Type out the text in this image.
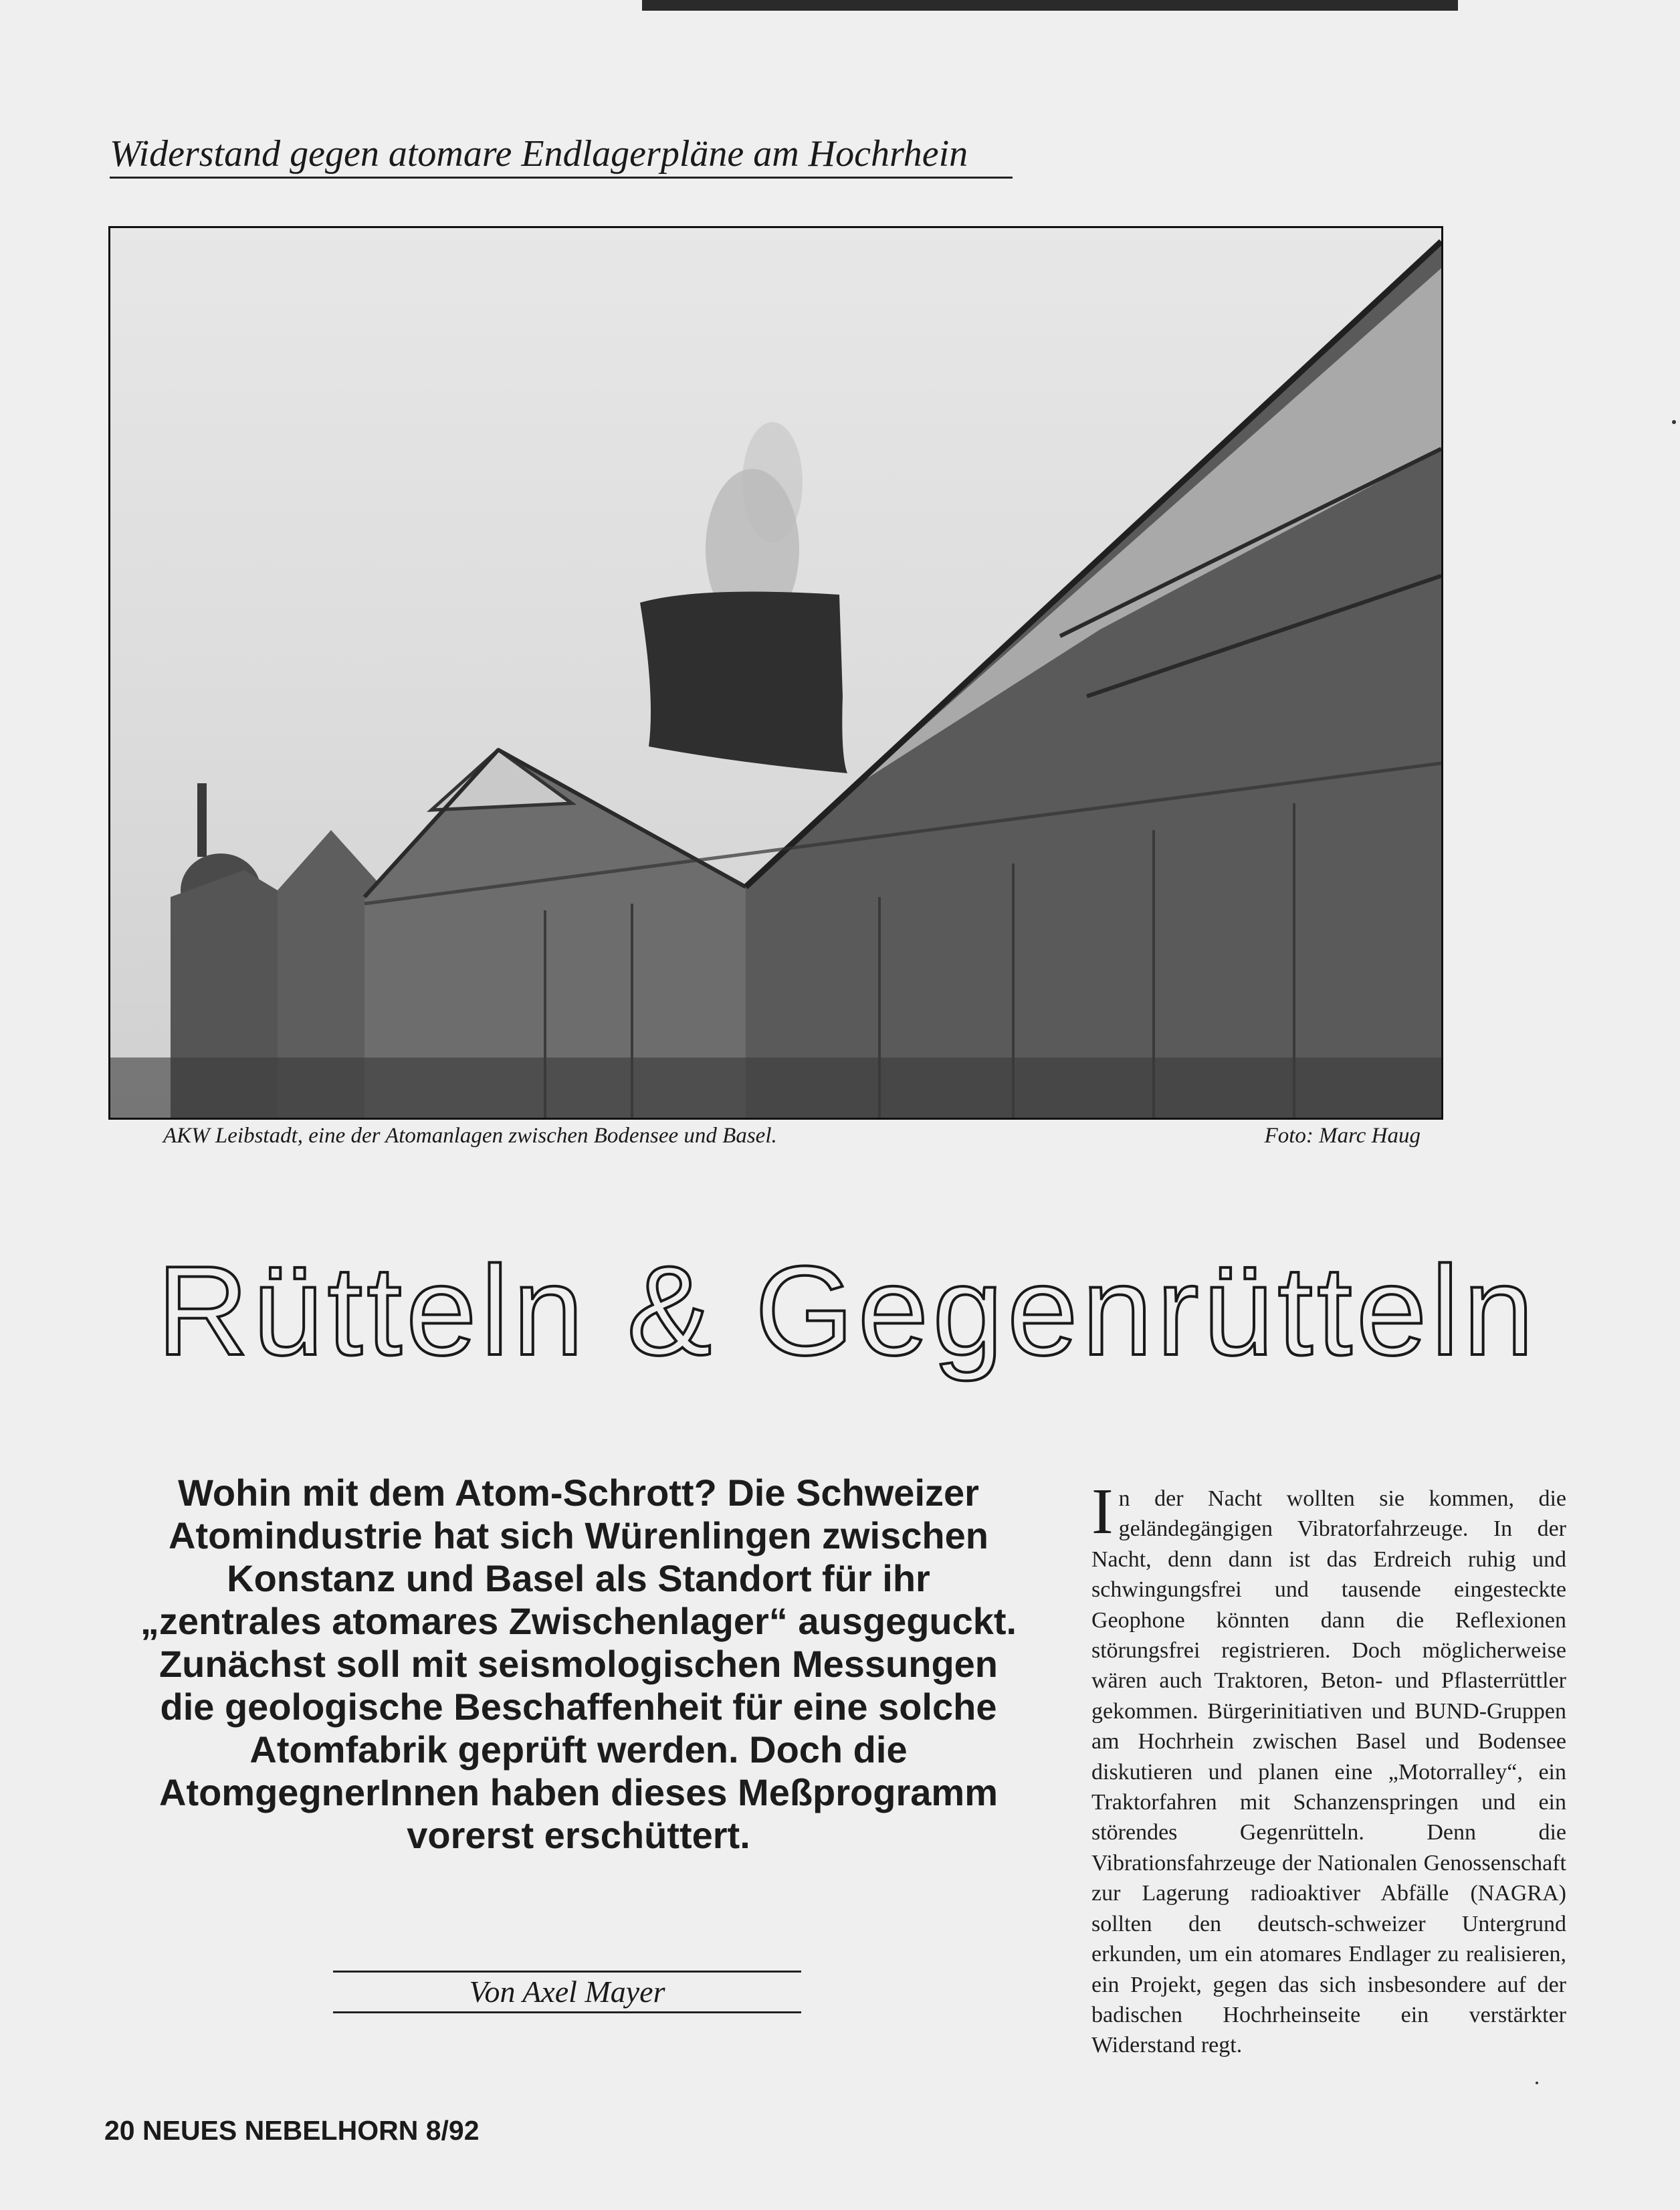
Widerstand gegen atomare Endlagerpläne am Hochrhein
AKW Leibstadt, eine der Atomanlagen zwischen Bodensee und Basel.	Foto: Marc Haug
Rütteln & Gegenrütteln
Wohin mit dem Atom-Schrott? Die Schweizer Atomindustrie hat sich Würenlingen zwischen Konstanz und Basel als Standort für ihr „zentrales atomares Zwischenlager“ ausgeguckt. Zunächst soll mit seismologischen Messungen die geologische Beschaffenheit für eine solche Atomfabrik geprüft werden. Doch die AtomgegnerInnen haben dieses Meßprogramm vorerst erschüttert.
Von Axel Mayer
In der Nacht wollten sie kommen, die geländegängigen Vibratorfahrzeuge. In der Nacht, denn dann ist das Erdreich ruhig und schwingungsfrei und tausende eingesteckte Geophone könnten dann die Reflexionen störungsfrei registrieren. Doch möglicherweise wären auch Traktoren, Beton- und Pflasterrüttler gekommen. Bürgerinitiativen und BUND-Gruppen am Hochrhein zwischen Basel und Bodensee diskutieren und planen eine „Motorralley“, ein Traktorfahren mit Schanzenspringen und ein störendes Gegenrütteln. Denn die Vibrationsfahrzeuge der Nationalen Genossenschaft zur Lagerung radioaktiver Abfälle (NAGRA) sollten den deutsch-schweizer Untergrund erkunden, um ein atomares Endlager zu realisieren, ein Projekt, gegen das sich insbesondere auf der badischen Hochrheinseite ein verstärkter Widerstand regt.
20 NEUES NEBELHORN 8/92
